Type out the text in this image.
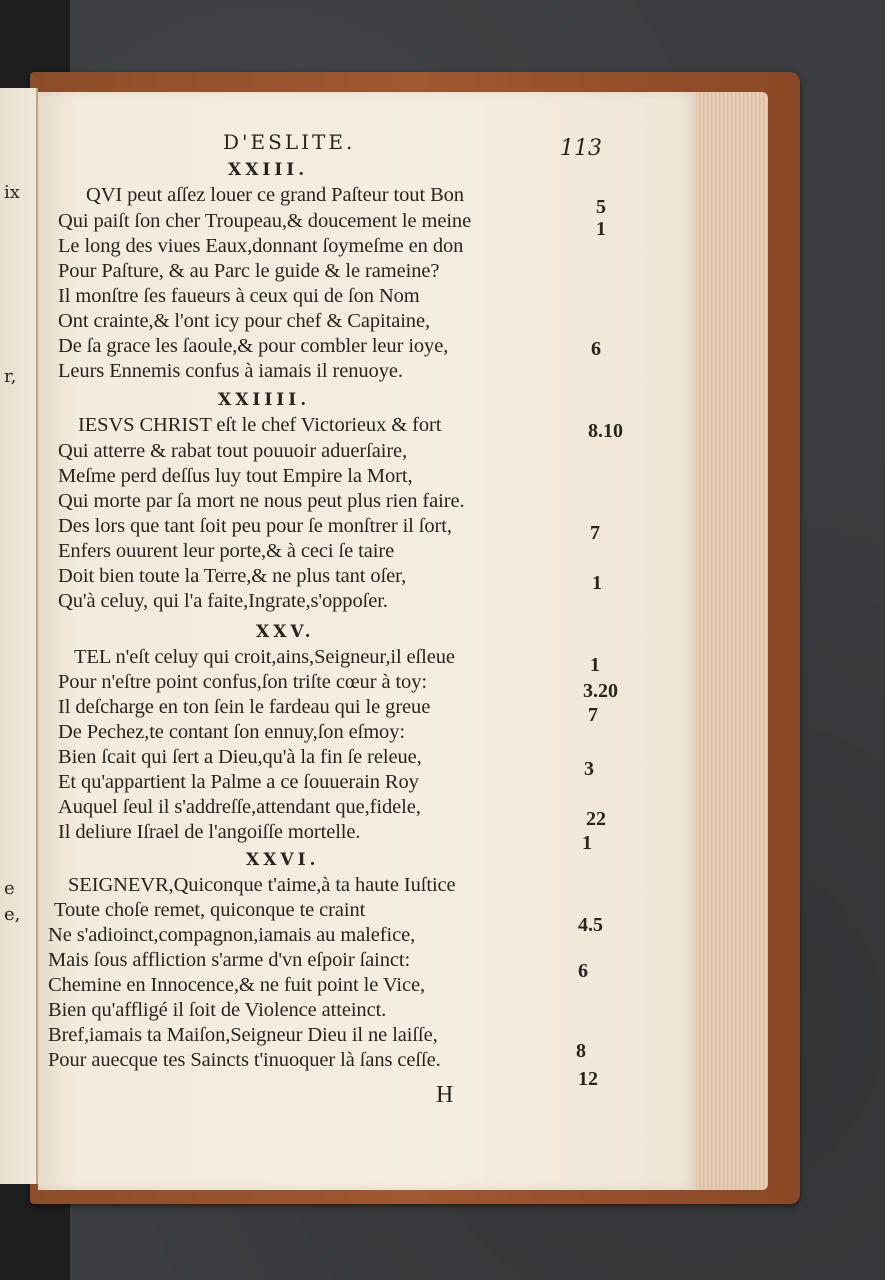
ix
r,
e
e,
D'ESLITE.	113
XXIII.
QVI peut aſſez louer ce grand Paſteur tout Bon
Qui paiſt ſon cher Troupeau,& doucement le meine
Le long des viues Eaux,donnant ſoymeſme en don
Pour Paſture, & au Parc le guide & le rameine?
Il monſtre ſes faueurs à ceux qui de ſon Nom
Ont crainte,& l'ont icy pour chef & Capitaine,
De ſa grace les ſaoule,& pour combler leur ioye,
Leurs Ennemis confus à iamais il renuoye.
5
1
6
XXIIII.
IESVS CHRIST eſt le chef Victorieux & fort
Qui atterre & rabat tout pouuoir aduerſaire,
Meſme perd deſſus luy tout Empire la Mort,
Qui morte par ſa mort ne nous peut plus rien faire.
Des lors que tant ſoit peu pour ſe monſtrer il ſort,
Enfers ouurent leur porte,& à ceci ſe taire
Doit bien toute la Terre,& ne plus tant oſer,
Qu'à celuy, qui l'a faite,Ingrate,s'oppoſer.
8.10
7
1
XXV.
TEL n'eſt celuy qui croit,ains,Seigneur,il eſleue
Pour n'eſtre point confus,ſon triſte cœur à toy:
Il deſcharge en ton ſein le fardeau qui le greue
De Pechez,te contant ſon ennuy,ſon eſmoy:
Bien ſcait qui ſert a Dieu,qu'à la fin ſe releue,
Et qu'appartient la Palme a ce ſouuerain Roy
Auquel ſeul il s'addreſſe,attendant que,fidele,
Il deliure Iſrael de l'angoiſſe mortelle.
1
3.20
7
3
22
1
XXVI.
SEIGNEVR,Quiconque t'aime,à ta haute Iuſtice
Toute choſe remet, quiconque te craint
Ne s'adioinct,compagnon,iamais au malefice,
Mais ſous affliction s'arme d'vn eſpoir ſainct:
Chemine en Innocence,& ne fuit point le Vice,
Bien qu'affligé il ſoit de Violence atteinct.
Bref,iamais ta Maiſon,Seigneur Dieu il ne laiſſe,
Pour auecque tes Saincts t'inuoquer là ſans ceſſe.
4.5
6
8
12
H
